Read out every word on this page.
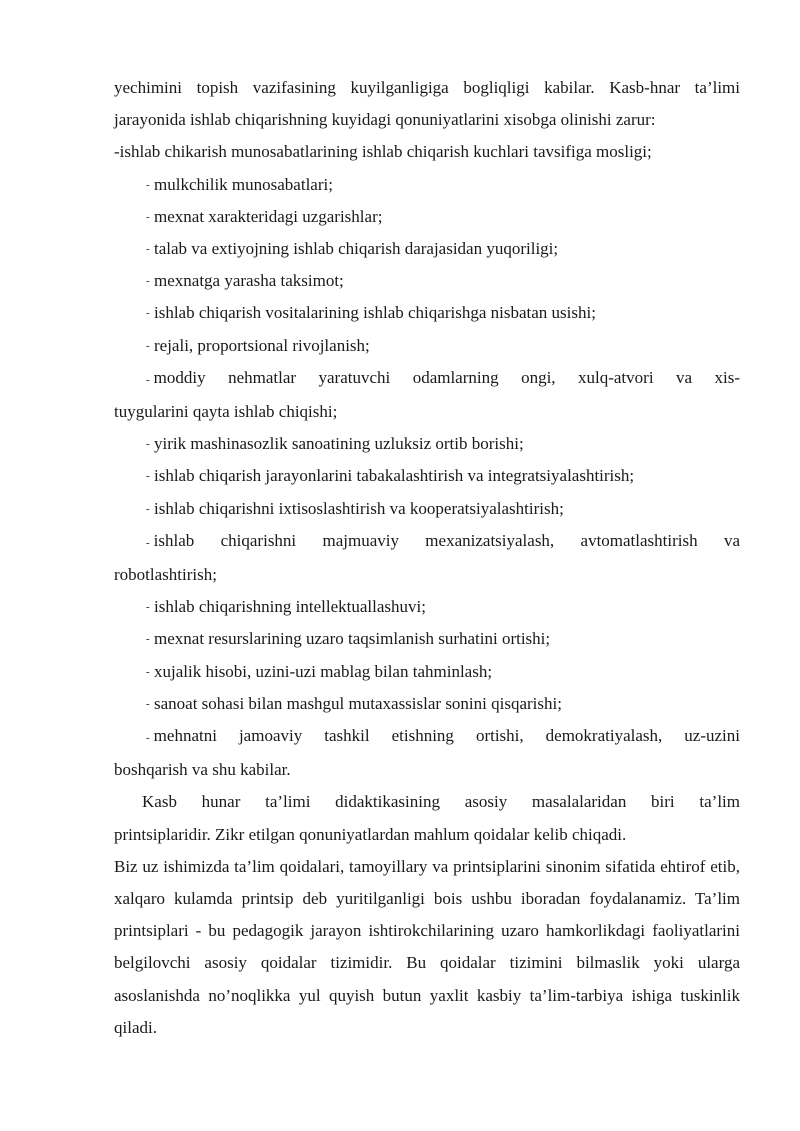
yechimini topish vazifasining kuyilganligiga bogliqligi kabilar. Kasb-hnar ta’limi

jarayonida ishlab chiqarishning kuyidagi qonuniyatlarini xisobga olinishi zarur:

-ishlab chikarish munosabatlarining ishlab chiqarish kuchlari tavsifiga mosligi;

- mulkchilik munosabatlari;

- mexnat xarakteridagi uzgarishlar;

- talab va extiyojning ishlab chiqarish darajasidan yuqoriligi;

- mexnatga yarasha taksimot;

- ishlab chiqarish vositalarining ishlab chiqarishga nisbatan usishi;

- rejali, proportsional rivojlanish;

- moddiy nehmatlar yaratuvchi odamlarning ongi, xulq-atvori va xis-

tuygularini qayta ishlab chiqishi;

- yirik mashinasozlik sanoatining uzluksiz ortib borishi;

- ishlab chiqarish jarayonlarini tabakalashtirish va integratsiyalashtirish;

- ishlab chiqarishni ixtisoslashtirish va kooperatsiyalashtirish;

- ishlab chiqarishni majmuaviy mexanizatsiyalash, avtomatlashtirish va

robotlashtirish;

- ishlab chiqarishning intellektuallashuvi;

- mexnat resurslarining uzaro taqsimlanish surhatini ortishi;

- xujalik hisobi, uzini-uzi mablag bilan tahminlash;

- sanoat sohasi bilan mashgul mutaxassislar sonini qisqarishi;

- mehnatni jamoaviy tashkil etishning ortishi, demokratiyalash, uz-uzini

boshqarish va shu kabilar.

Kasb hunar ta’limi didaktikasining asosiy masalalaridan biri ta’lim

printsiplaridir. Zikr etilgan qonuniyatlardan mahlum qoidalar kelib chiqadi.

Biz uz ishimizda ta’lim qoidalari, tamoyillary va printsiplarini sinonim sifatida ehtirof etib, xalqaro kulamda printsip deb yuritilganligi bois ushbu iboradan foydalanamiz. Ta’lim printsiplari - bu pedagogik jarayon ishtirokchilarining uzaro hamkorlikdagi faoliyatlarini belgilovchi asosiy qoidalar tizimidir. Bu qoidalar tizimini bilmaslik yoki ularga asoslanishda no’noqlikka yul quyish butun yaxlit kasbiy ta’lim-tarbiya ishiga tuskinlik qiladi.
